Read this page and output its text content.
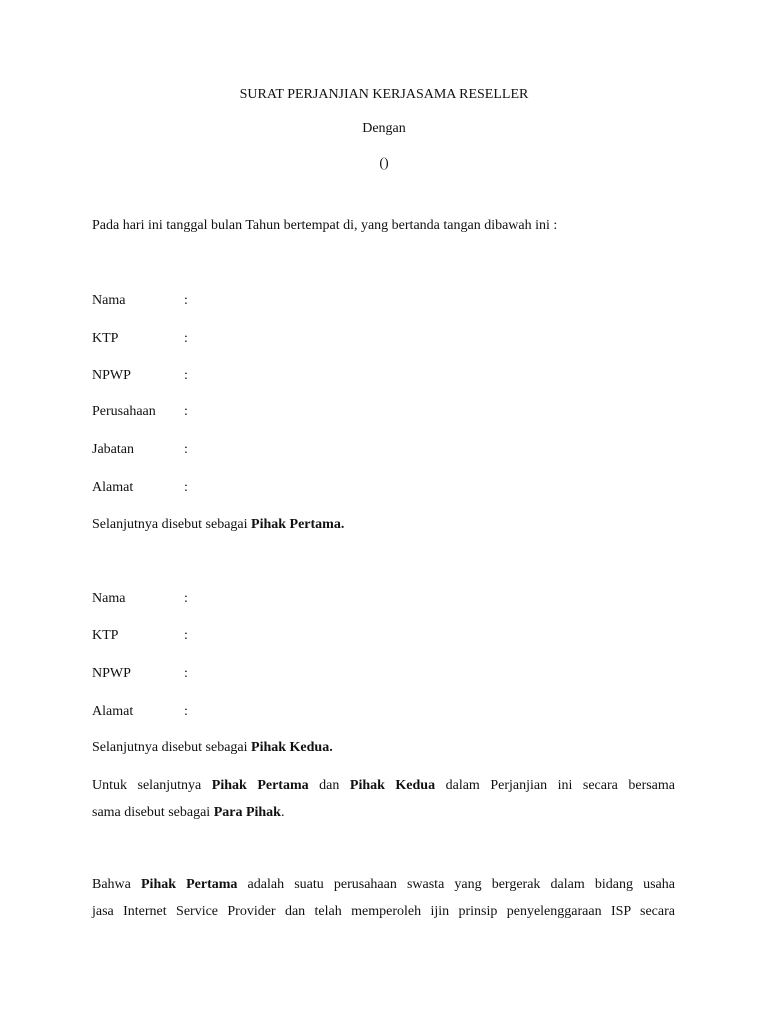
SURAT PERJANJIAN KERJASAMA RESELLER
Dengan
()
Pada hari ini tanggal bulan Tahun bertempat di, yang bertanda tangan dibawah ini :
Nama	:
KTP	:
NPWP	:
Perusahaan :
Jabatan	:
Alamat	:
Selanjutnya disebut sebagai Pihak Pertama.
Nama	:
KTP	:
NPWP	:
Alamat	:
Selanjutnya disebut sebagai Pihak Kedua.
Untuk selanjutnya Pihak Pertama dan Pihak Kedua dalam Perjanjian ini secara bersama
sama disebut sebagai Para Pihak.
Bahwa Pihak Pertama adalah suatu perusahaan swasta yang bergerak dalam bidang usaha
jasa Internet Service Provider dan telah memperoleh ijin prinsip penyelenggaraan ISP secara
